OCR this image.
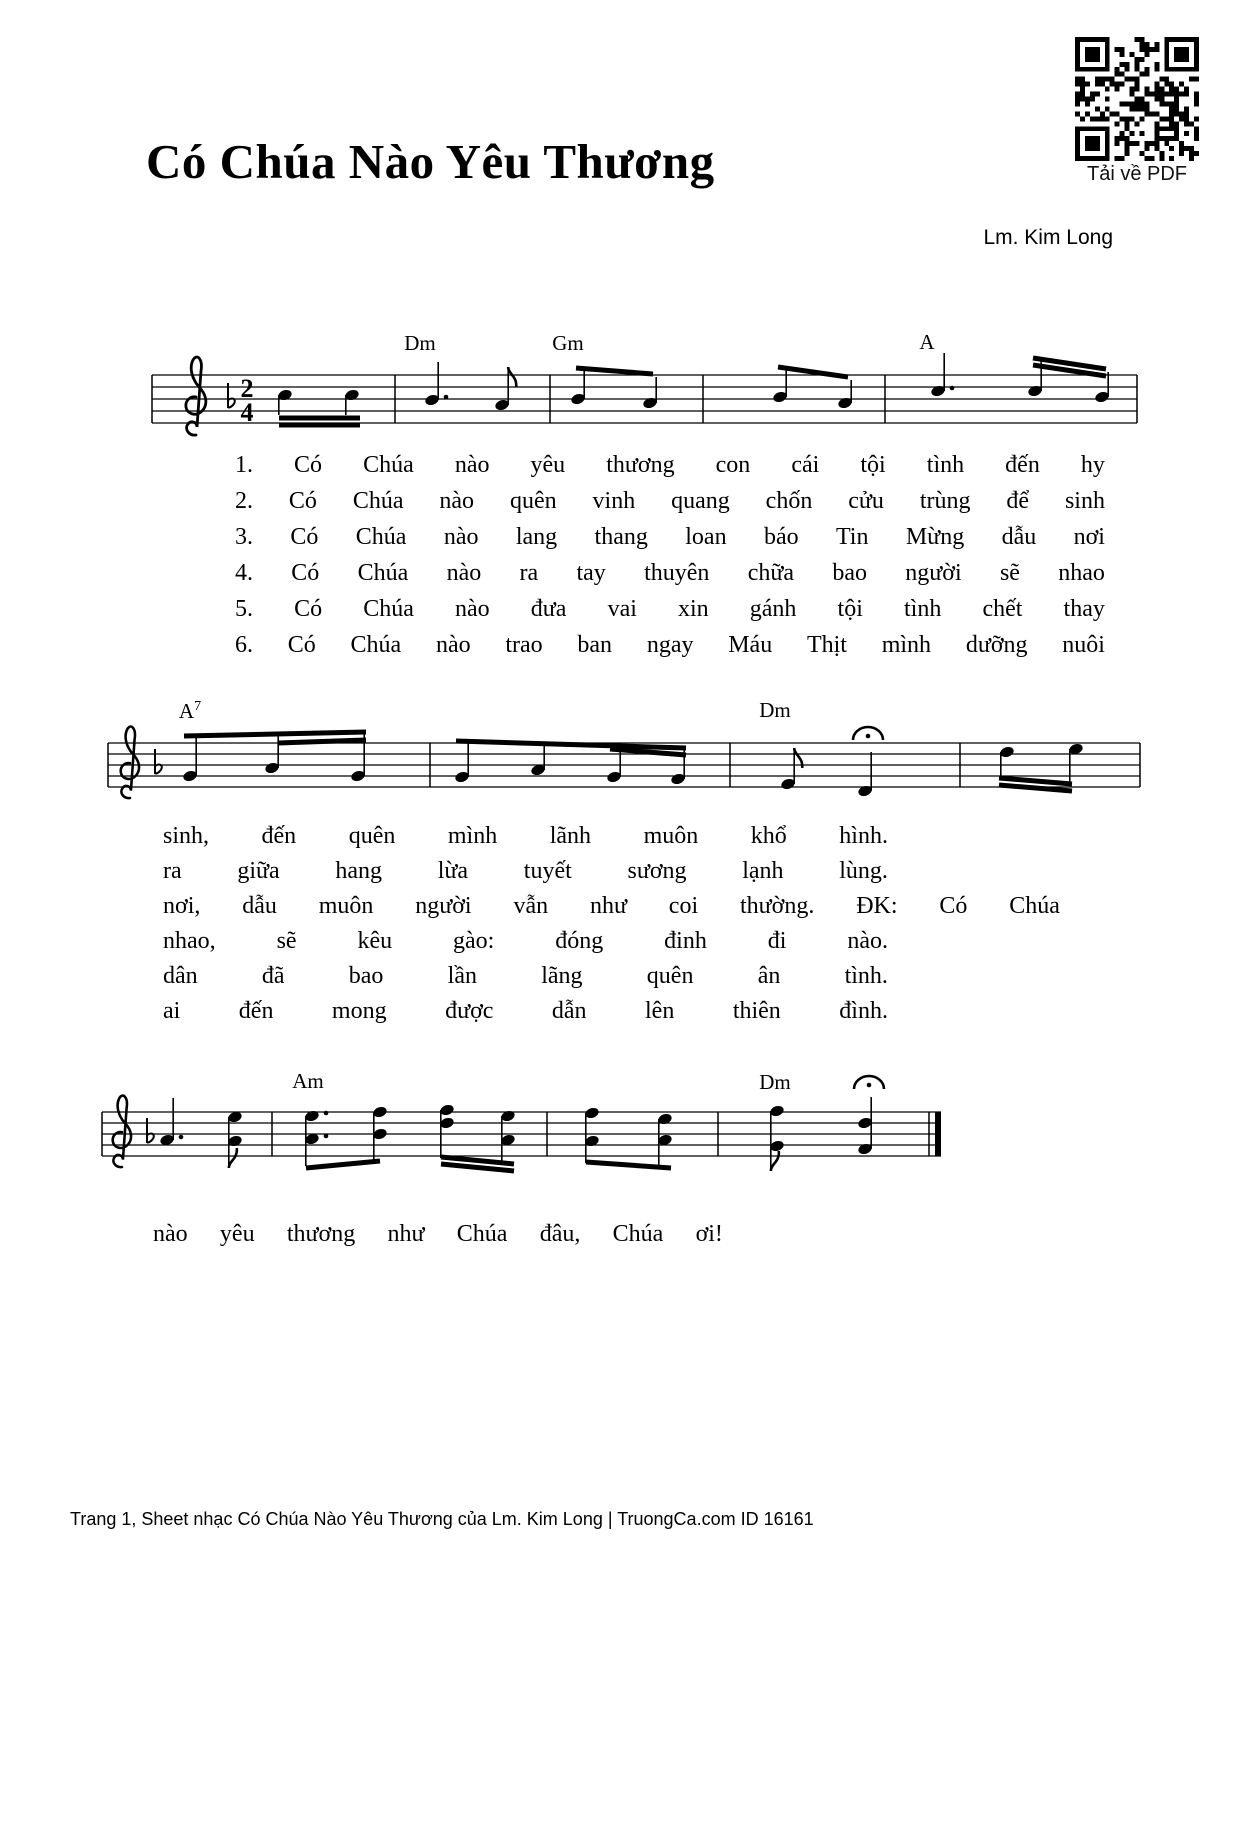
Có Chúa Nào Yêu Thương	Tải về PDF
Lm. Kim Long
2
4
Dm	Gm	A
$A^7$	Dm
Am	Dm
1. Có Chúa nào yêu thương con cái tội tình đến hy
2. Có Chúa nào quên vinh quang chốn cửu trùng để sinh
3. Có Chúa nào lang thang loan báo Tin Mừng dẫu nơi
4. Có Chúa nào ra tay thuyên chữa bao người sẽ nhao
5. Có Chúa nào đưa vai xin gánh tội tình chết thay
6. Có Chúa nào trao ban ngay Máu Thịt mình dưỡng nuôi
sinh, đến quên mình lãnh muôn khổ hình.
ra giữa hang lừa tuyết sương lạnh lùng.
nơi, dẫu muôn người vẫn như coi thường. ĐK: Có Chúa
nhao,	sẽ	kêu	gào:	đóng	đinh	đi	nào.
dân	đã	bao	lần	lãng	quên	ân	tình.
ai đến mong được dẫn lên thiên đình.
nào yêu thương như Chúa đâu, Chúa ơi!
Trang 1, Sheet nhạc Có Chúa Nào Yêu Thương của Lm. Kim Long | TruongCa.com ID 16161
